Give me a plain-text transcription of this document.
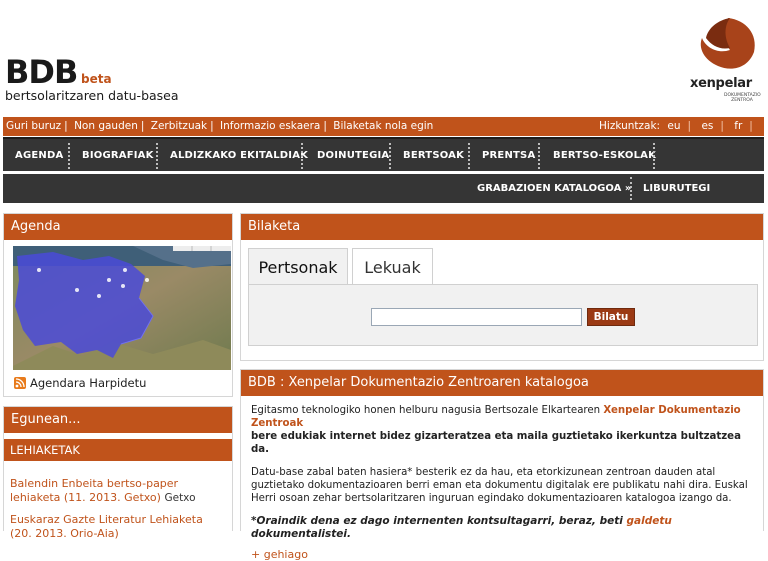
BDB beta
bertsolaritzaren datu-basea
xenpelar
DOKUMENTAZIO ZENTROA
Guri buruz | Non gauden | Zerbitzuak | Informazio eskaera | Bilaketak nola egin	Hizkuntzak: eu | es | fr |
AGENDA BIOGRAFIAK ALDIZKAKO EKITALDIAK DOINUTEGIA BERTSOAK PRENTSA BERTSO-ESKOLAK
GRABAZIOEN KATALOGOA » LIBURUTEGI
Agenda
Agendara Harpidetu
Egunean...
LEHIAKETAK
Balendin Enbeita bertso-paper lehiaketa (11. 2013. Getxo) Getxo
Euskaraz Gazte Literatur Lehiaketa (20. 2013. Orio-Aia)
Bilaketa
Pertsonak	Lekuak
Bilatu
BDB : Xenpelar Dokumentazio Zentroaren katalogoa

Egitasmo teknologiko honen helburu nagusia Bertsozale Elkartearen Xenpelar Dokumentazio Zentroak
bere edukiak internet bidez gizarteratzea eta maila guztietako ikerkuntza bultzatzea da.

Datu-base zabal baten hasiera* besterik ez da hau, eta etorkizunean zentroan dauden atal guztietako dokumentazioaren berri eman eta dokumentu digitalak ere publikatu nahi dira. Euskal Herri osoan zehar bertsolaritzaren inguruan egindako dokumentazioaren katalogoa izango da.

*Oraindik dena ez dago internenten kontsultagarri, beraz, beti galdetu dokumentalistei.

+ gehiago
